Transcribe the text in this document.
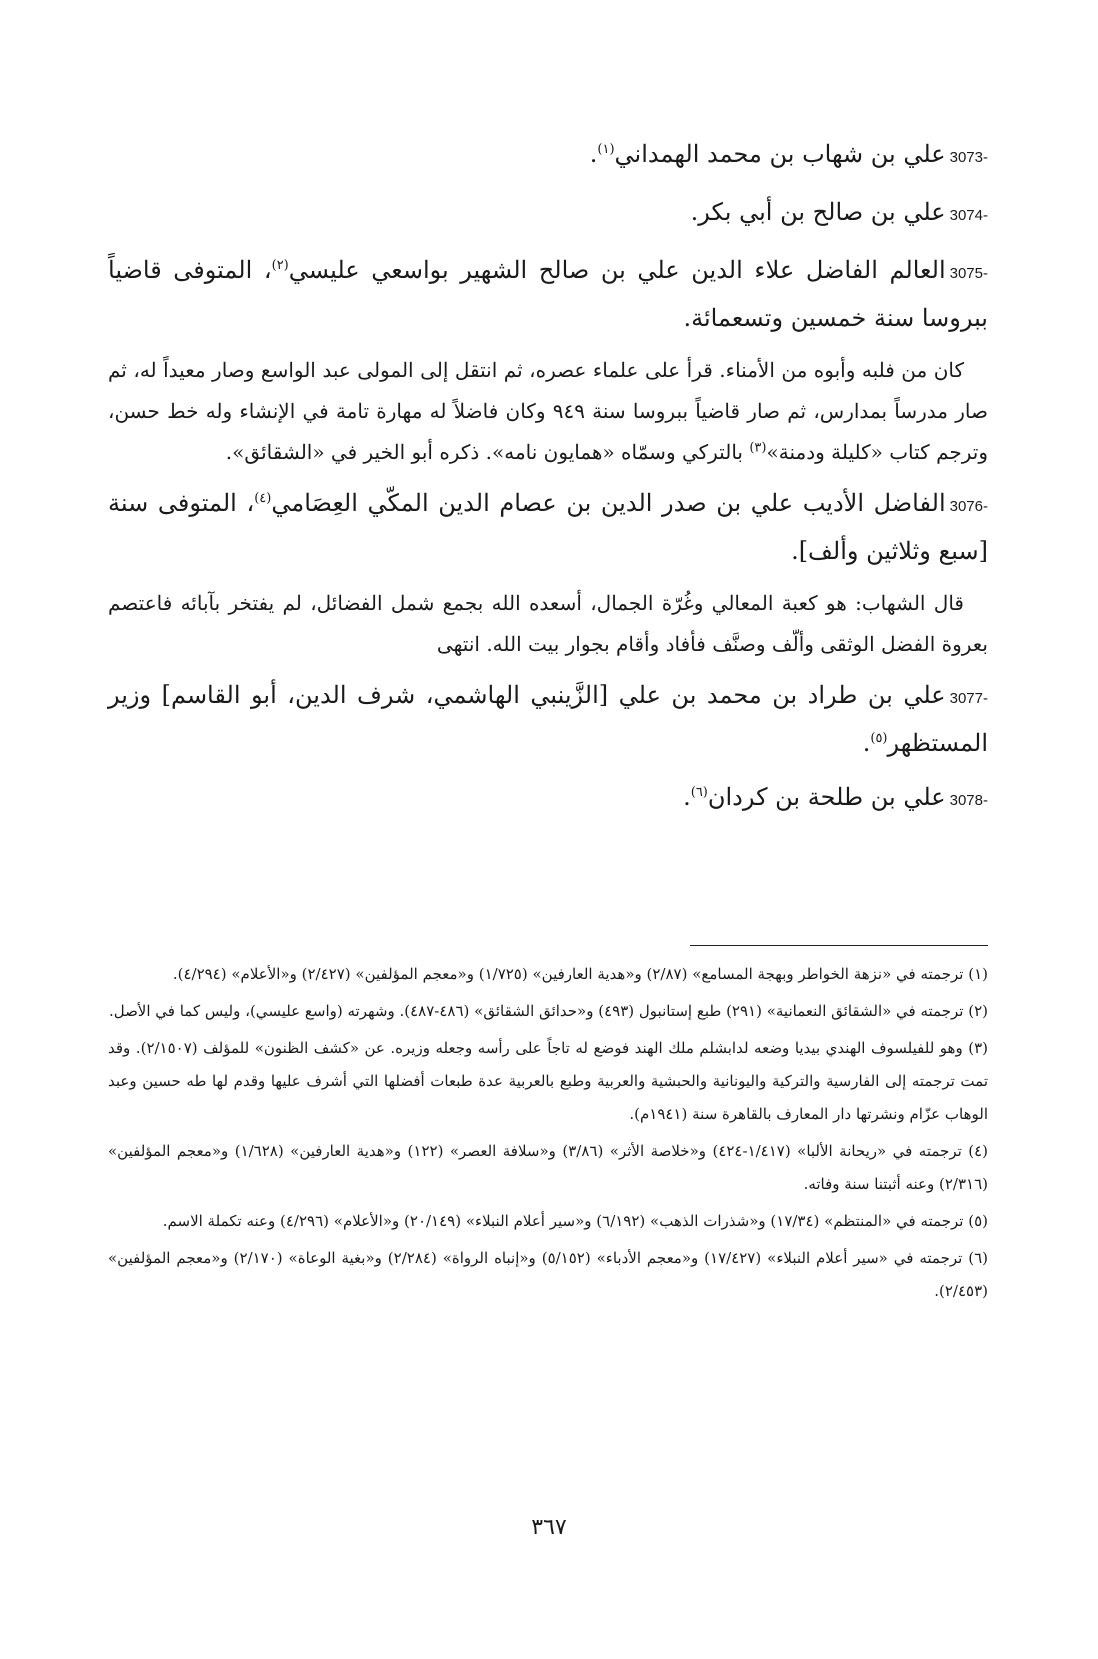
3073-علي بن شهاب بن محمد الهمداني$^{(١)}$.
3074-علي بن صالح بن أبي بكر.
3075-العالم الفاضل علاء الدين علي بن صالح الشهير بواسعي عليسي$^{(٢)}$، المتوفى قاضياً ببروسا سنة خمسين وتسعمائة.
كان من فلبه وأبوه من الأمناء. قرأ على علماء عصره، ثم انتقل إلى المولى عبد الواسع وصار معيداً له، ثم صار مدرساً بمدارس، ثم صار قاضياً ببروسا سنة ٩٤٩ وكان فاضلاً له مهارة تامة في الإنشاء وله خط حسن، وترجم كتاب «كليلة ودمنة»$^{(٣)}$ بالتركي وسمّاه «همايون نامه». ذكره أبو الخير في «الشقائق».
3076-الفاضل الأديب علي بن صدر الدين بن عصام الدين المكّي العِصَامي$^{(٤)}$، المتوفى سنة [سبع وثلاثين وألف].
قال الشهاب: هو كعبة المعالي وغُرّة الجمال، أسعده الله بجمع شمل الفضائل، لم يفتخر بآبائه فاعتصم بعروة الفضل الوثقى وألّف وصنَّف فأفاد وأقام بجوار بيت الله. انتهى
3077-علي بن طراد بن محمد بن علي [الزَّينبي الهاشمي، شرف الدين، أبو القاسم] وزير المستظهر$^{(٥)}$.
3078-علي بن طلحة بن كردان$^{(٦)}$.
(١) ترجمته في «نزهة الخواطر وبهجة المسامع» (٢/٨٧) و«هدية العارفين» (١/٧٢٥) و«معجم المؤلفين» (٢/٤٢٧) و«الأعلام» (٤/٢٩٤).
(٢) ترجمته في «الشقائق النعمانية» (٢٩١) طبع إستانبول (٤٩٣) و«حدائق الشقائق» (٤٨٦-٤٨٧). وشهرته (واسع عليسي)، وليس كما في الأصل.
(٣) وهو للفيلسوف الهندي بيديا وضعه لدابشلم ملك الهند فوضع له تاجاً على رأسه وجعله وزيره. عن «كشف الظنون» للمؤلف (٢/١٥٠٧). وقد تمت ترجمته إلى الفارسية والتركية واليونانية والحبشية والعربية وطبع بالعربية عدة طبعات أفضلها التي أشرف عليها وقدم لها طه حسين وعبد الوهاب عزّام ونشرتها دار المعارف بالقاهرة سنة (١٩٤١م).
(٤) ترجمته في «ريحانة الألبا» (١/٤١٧-٤٢٤) و«خلاصة الأثر» (٣/٨٦) و«سلافة العصر» (١٢٢) و«هدية العارفين» (١/٦٢٨) و«معجم المؤلفين» (٢/٣١٦) وعنه أثبتنا سنة وفاته.
(٥) ترجمته في «المنتظم» (١٧/٣٤) و«شذرات الذهب» (٦/١٩٢) و«سير أعلام النبلاء» (٢٠/١٤٩) و«الأعلام» (٤/٢٩٦) وعنه تكملة الاسم.
(٦) ترجمته في «سير أعلام النبلاء» (١٧/٤٢٧) و«معجم الأدباء» (٥/١٥٢) و«إنباه الرواة» (٢/٢٨٤) و«بغية الوعاة» (٢/١٧٠) و«معجم المؤلفين» (٢/٤٥٣).
٣٦٧
